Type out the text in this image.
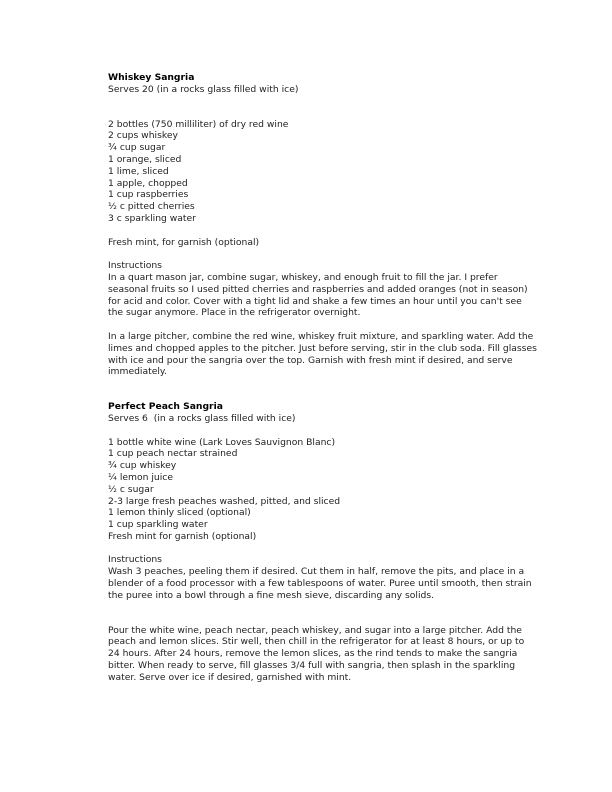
Whiskey Sangria
Serves 20 (in a rocks glass filled with ice)
2 bottles (750 milliliter) of dry red wine
2 cups whiskey
¾ cup sugar
1 orange, sliced
1 lime, sliced
1 apple, chopped
1 cup raspberries
½ c pitted cherries
3 c sparkling water
Fresh mint, for garnish (optional)
Instructions
In a quart mason jar, combine sugar, whiskey, and enough fruit to fill the jar. I prefer seasonal fruits so I used pitted cherries and raspberries and added oranges (not in season) for acid and color. Cover with a tight lid and shake a few times an hour until you can't see the sugar anymore. Place in the refrigerator overnight.
In a large pitcher, combine the red wine, whiskey fruit mixture, and sparkling water. Add the limes and chopped apples to the pitcher. Just before serving, stir in the club soda. Fill glasses with ice and pour the sangria over the top. Garnish with fresh mint if desired, and serve immediately.
Perfect Peach Sangria
Serves 6  (in a rocks glass filled with ice)
1 bottle white wine (Lark Loves Sauvignon Blanc)
1 cup peach nectar strained
¾ cup whiskey
¼ lemon juice
½ c sugar
2-3 large fresh peaches washed, pitted, and sliced
1 lemon thinly sliced (optional)
1 cup sparkling water
Fresh mint for garnish (optional)
Instructions
Wash 3 peaches, peeling them if desired. Cut them in half, remove the pits, and place in a blender of a food processor with a few tablespoons of water. Puree until smooth, then strain the puree into a bowl through a fine mesh sieve, discarding any solids.
Pour the white wine, peach nectar, peach whiskey, and sugar into a large pitcher. Add the peach and lemon slices. Stir well, then chill in the refrigerator for at least 8 hours, or up to 24 hours. After 24 hours, remove the lemon slices, as the rind tends to make the sangria bitter. When ready to serve, fill glasses 3/4 full with sangria, then splash in the sparkling water. Serve over ice if desired, garnished with mint.
